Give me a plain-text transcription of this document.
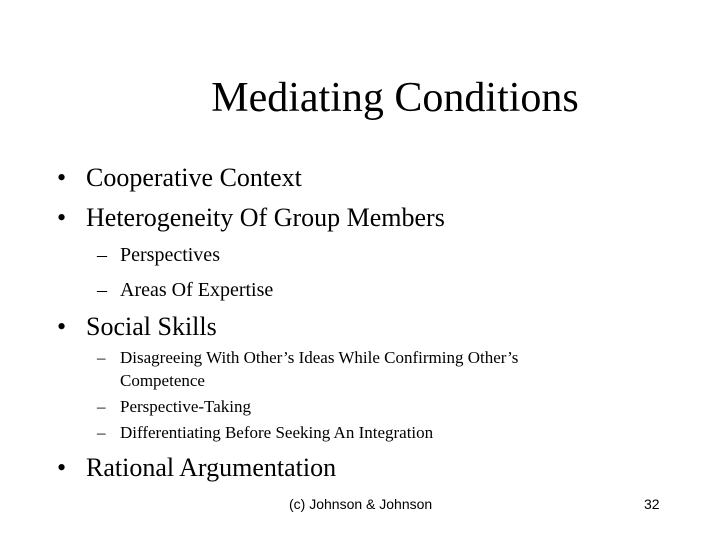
Mediating Conditions
• Cooperative Context
• Heterogeneity Of Group Members
– Perspectives
– Areas Of Expertise
• Social Skills
– Disagreeing With Other’s Ideas While Confirming Other’s
Competence
– Perspective-Taking
– Differentiating Before Seeking An Integration
• Rational Argumentation
(c) Johnson & Johnson	32
